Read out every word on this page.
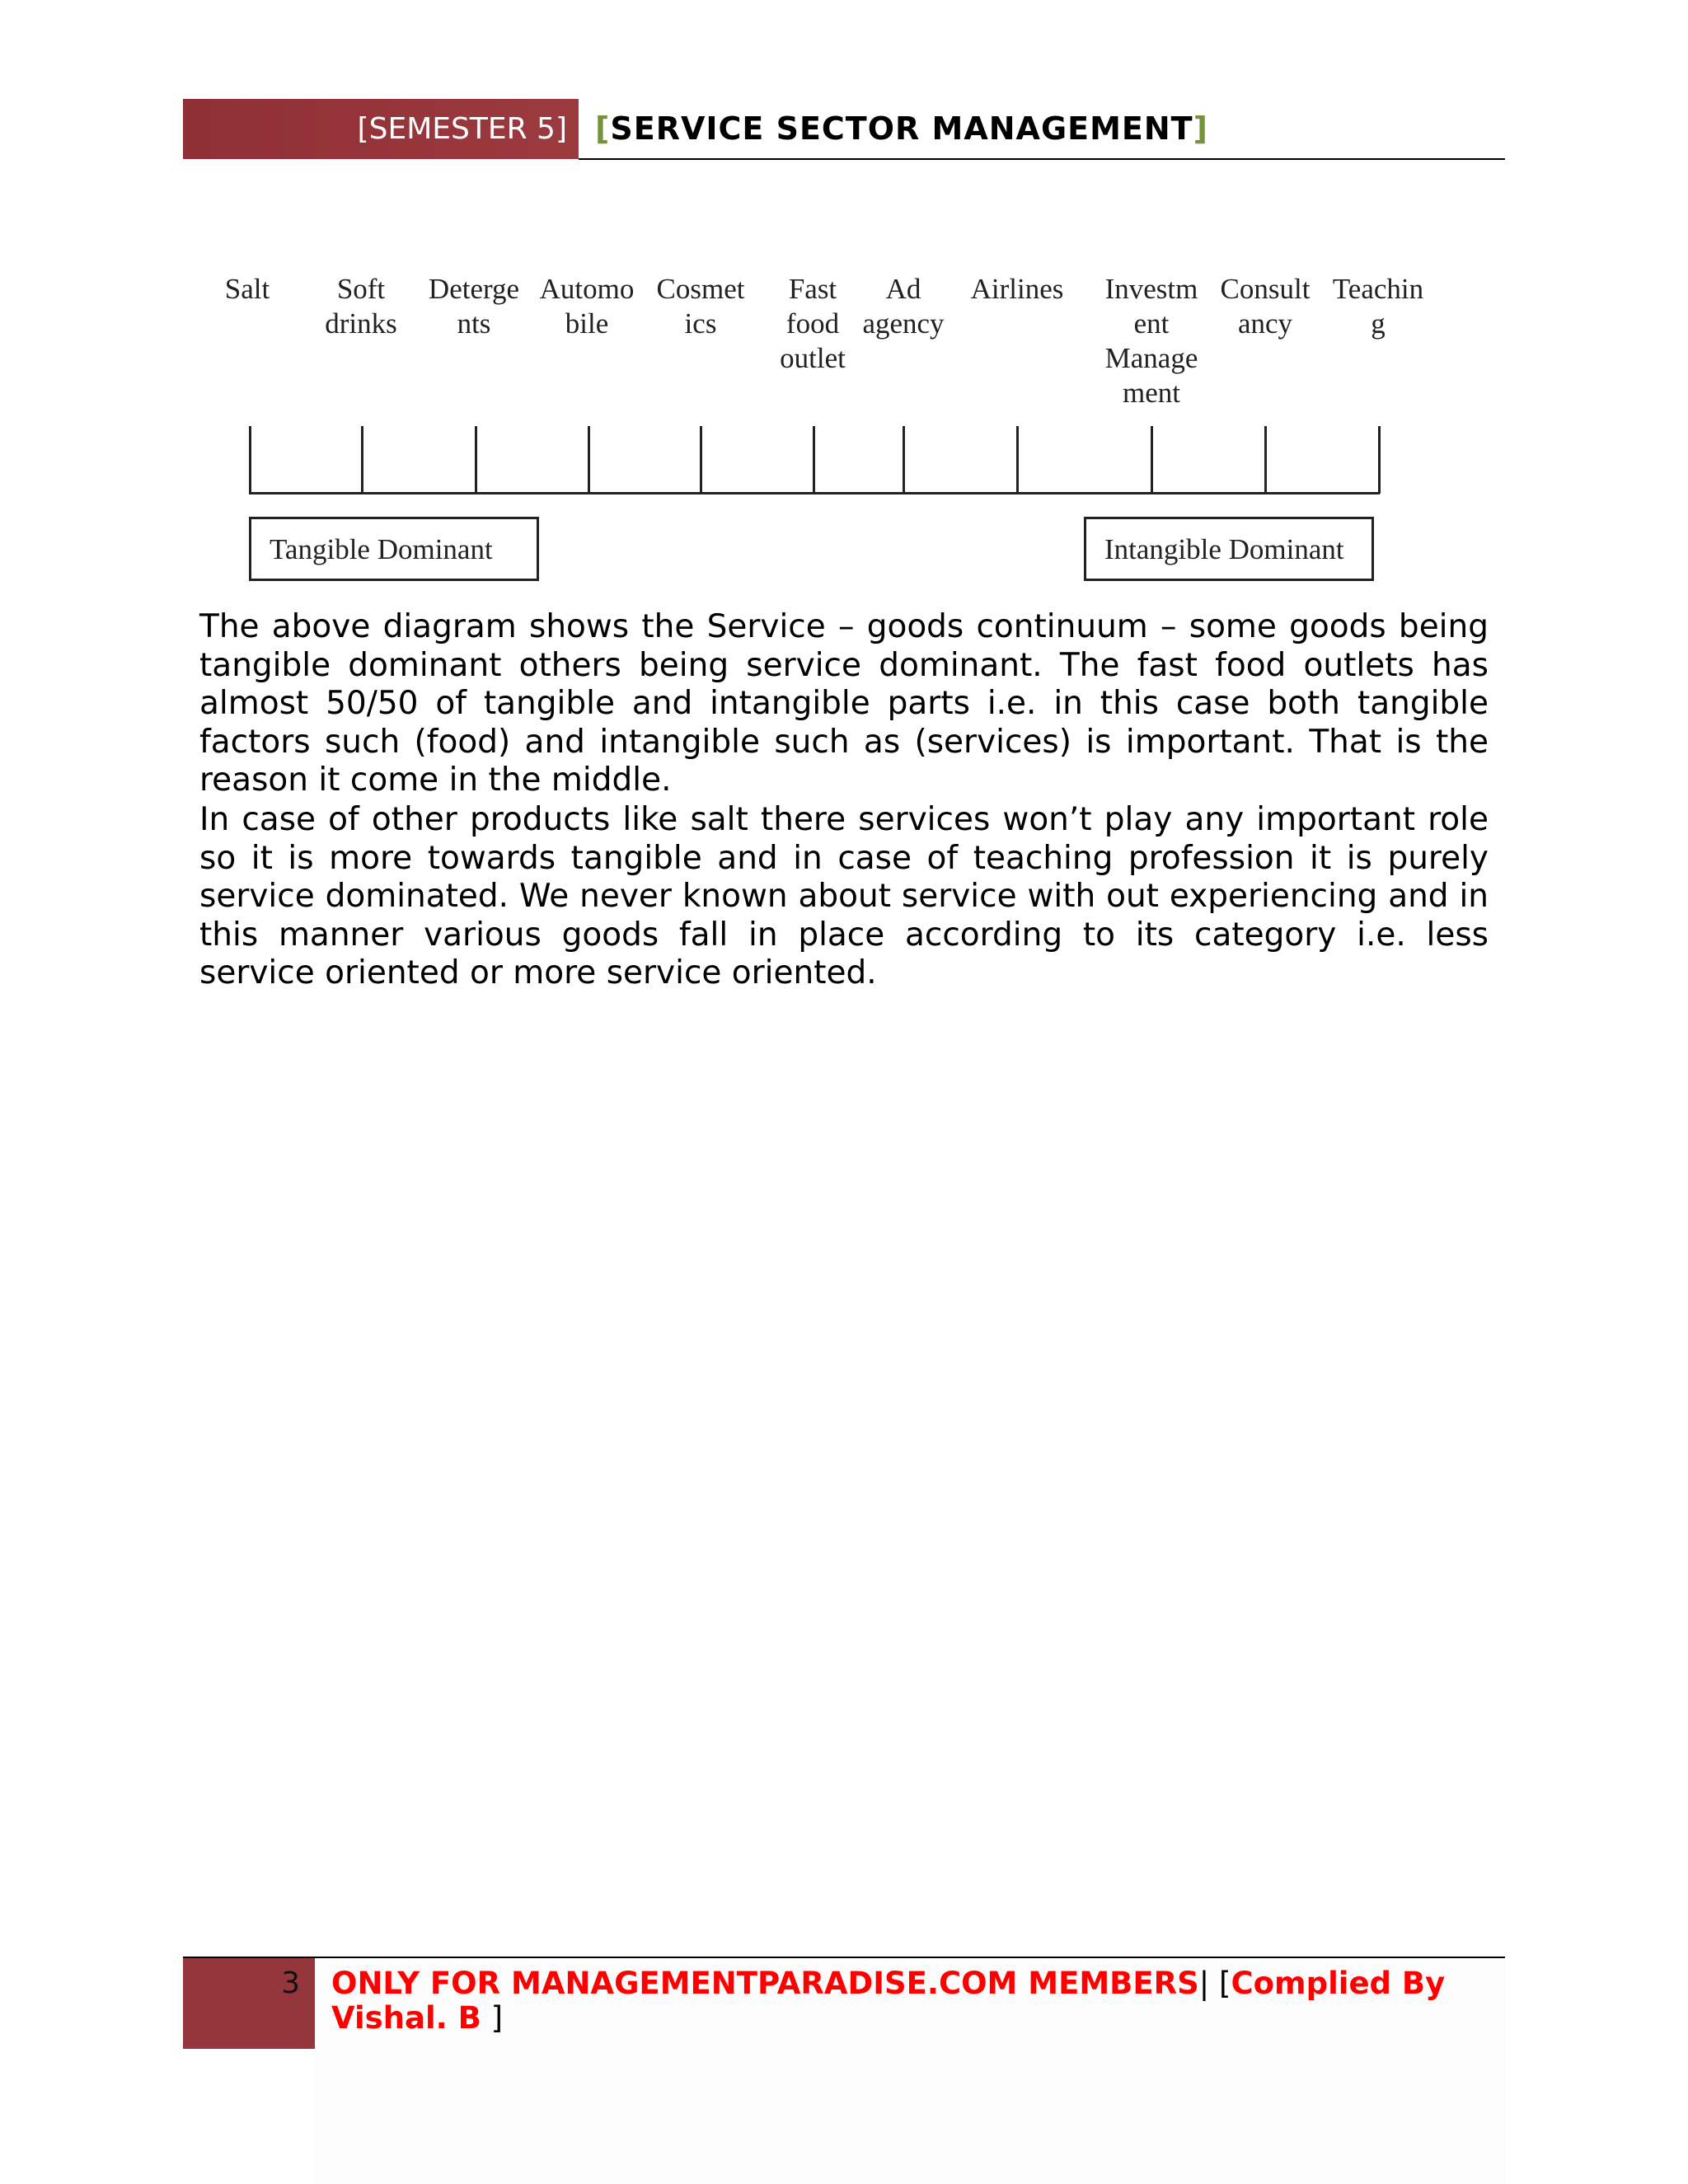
[SEMESTER 5] [SERVICE SECTOR MANAGEMENT]
Salt	Soft
drinks
Deterge
nts
Automo
bile
Cosmet
ics
Fast
food
outlet
Ad
agency
Airlines Investm
ent
Manage
ment
Consult
ancy
Teachin
g
Tangible Dominant	Intangible Dominant

The above diagram shows the Service – goods continuum – some goods being tangible dominant others being service dominant. The fast food outlets has almost 50/50 of tangible and intangible parts i.e. in this case both tangible factors such (food) and intangible such as (services) is important. That is the reason it come in the middle.

In case of other products like salt there services won’t play any important role so it is more towards tangible and in case of teaching profession it is purely service dominated. We never known about service with out experiencing and in this manner various goods fall in place according to its category i.e. less service oriented or more service oriented.

3 ONLY FOR MANAGEMENTPARADISE.COM MEMBERS| [Complied By Vishal. B ]
